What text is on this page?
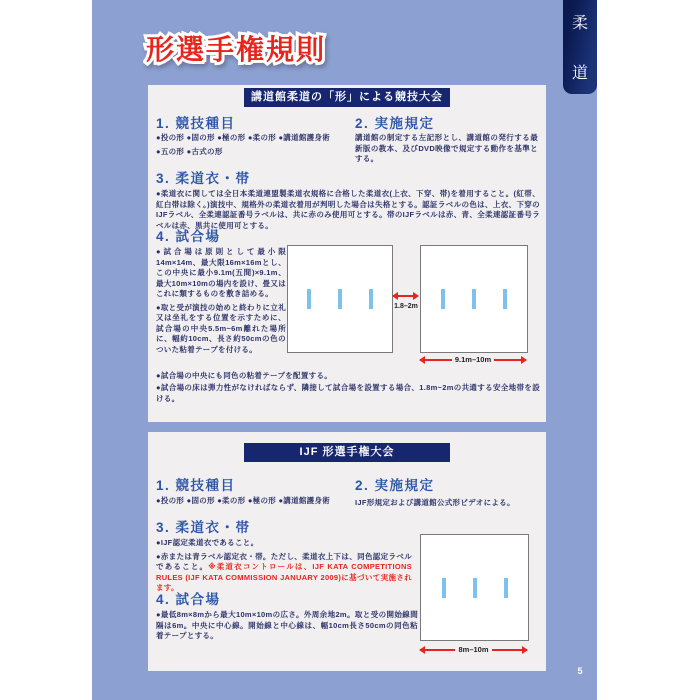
柔
道
形選手権規則
講道館柔道の「形」による競技大会
1. 競技種目

●投の形 ●固の形 ●極の形 ●柔の形 ●講道館護身術

●五の形 ●古式の形

2. 実施規定
講道館の制定する左記形とし、講道館の発行する最新版の教本、及びDVD映像で規定する動作を基準とする。
3. 柔道衣・帯
●柔道衣に関しては全日本柔道連盟製柔道衣規格に合格した柔道衣(上衣、下穿、帯)を着用すること。(紅帯、紅白帯は除く。)演技中、規格外の柔道衣着用が判明した場合は失格とする。認証ラベルの色は、上衣、下穿のIJFラベル、全柔連認証番号ラベルは、共に赤のみ使用可とする。帯のIJFラベルは赤、青、全柔連認証番号ラベルは赤、黒共に使用可とする。
4. 試合場

●試合場は原則として最小限14m×14m、最大限16m×16mとし、この中央に最小9.1m(五間)×9.1m、最大10m×10mの場内を設け、畳又はこれに類するものを敷き詰める。

●取と受が演技の始めと終わりに立礼又は坐礼をする位置を示すために、試合場の中央5.5m~6m離れた場所に、幅約10cm、長さ約50cmの色のついた粘着テープを付ける。

1.8–2m
9.1m–10m
●試合場の中央にも同色の粘着テープを配置する。
●試合場の床は弾力性がなければならず、隣接して試合場を設置する場合、1.8m~2mの共通する安全地帯を設ける。
IJF 形選手権大会
1. 競技種目
●投の形 ●固の形 ●柔の形 ●極の形 ●講道館護身術
2. 実施規定
IJF形規定および講道館公式形ビデオによる。
3. 柔道衣・帯

●IJF認定柔道衣であること。

●赤または青ラベル認定衣・帯。ただし、柔道衣上下は、同色認定ラベルであること。※柔道衣コントロールは、IJF KATA COMPETITIONS RULES (IJF KATA COMMISSION JANUARY 2009)に基づいて実施されます。

4. 試合場
●最低8m×8mから最大10m×10mの広さ。外周余地2m。取と受の開始線間隔は6m。中央に中心線。開始線と中心線は、幅10cm長さ50cmの同色粘着テープとする。
8m–10m
5
